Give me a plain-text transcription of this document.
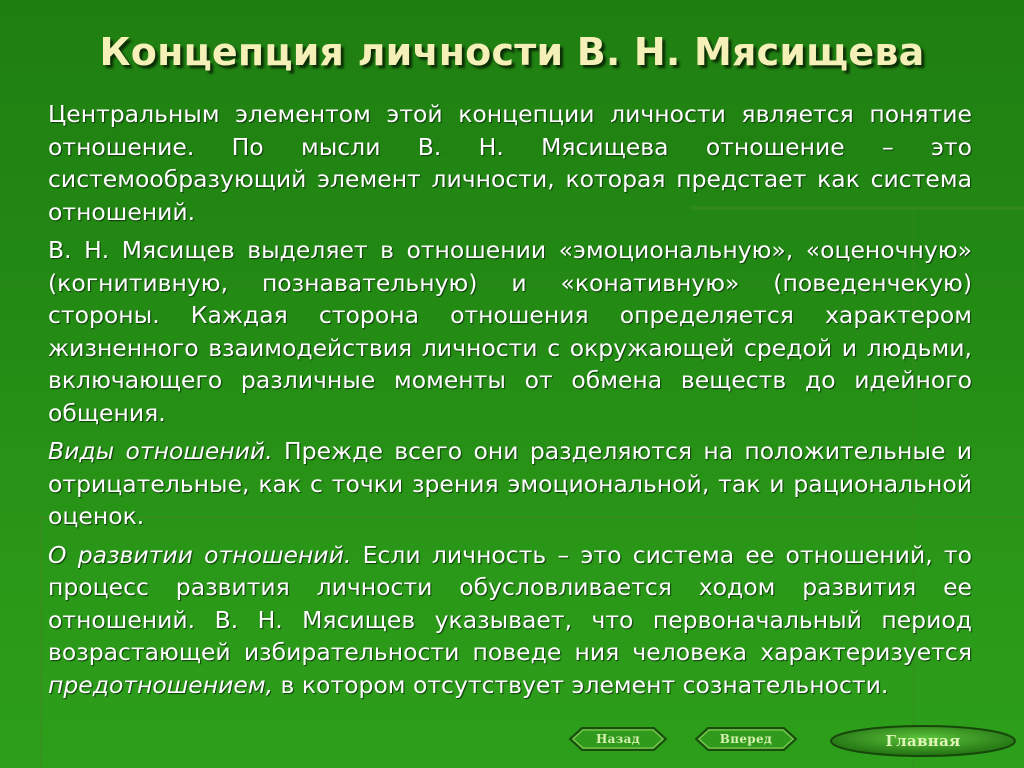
Концепция личности В. Н. Мясищева

Центральным элементом этой концепции личности является понятие отношение. По мысли В. Н. Мясищева отношение – это системообразующий элемент личности, которая предстает как система отношений.

В. Н. Мясищев выделяет в отношении «эмоциональную», «оценочную» (когнитивную, познавательную) и «конативную» (поведенчекую) стороны. Каждая сторона отношения определяется характером жизненного взаимодействия личности с окружающей средой и людьми, включающего различные моменты от обмена веществ до идейного общения.

Виды отношений. Прежде всего они разделяются на положительные и отрицательные, как с точки зрения эмоциональной, так и рациональной оценок.

О развитии отношений. Если личность – это система ее отношений, то процесс развития личности обусловливается ходом развития ее отношений. В. Н. Мясищев указывает, что первоначальный период возрастающей избирательности поведе ния человека характеризуется предотношением, в котором отсутствует элемент сознательности.

Назад	Вперед	Главная
